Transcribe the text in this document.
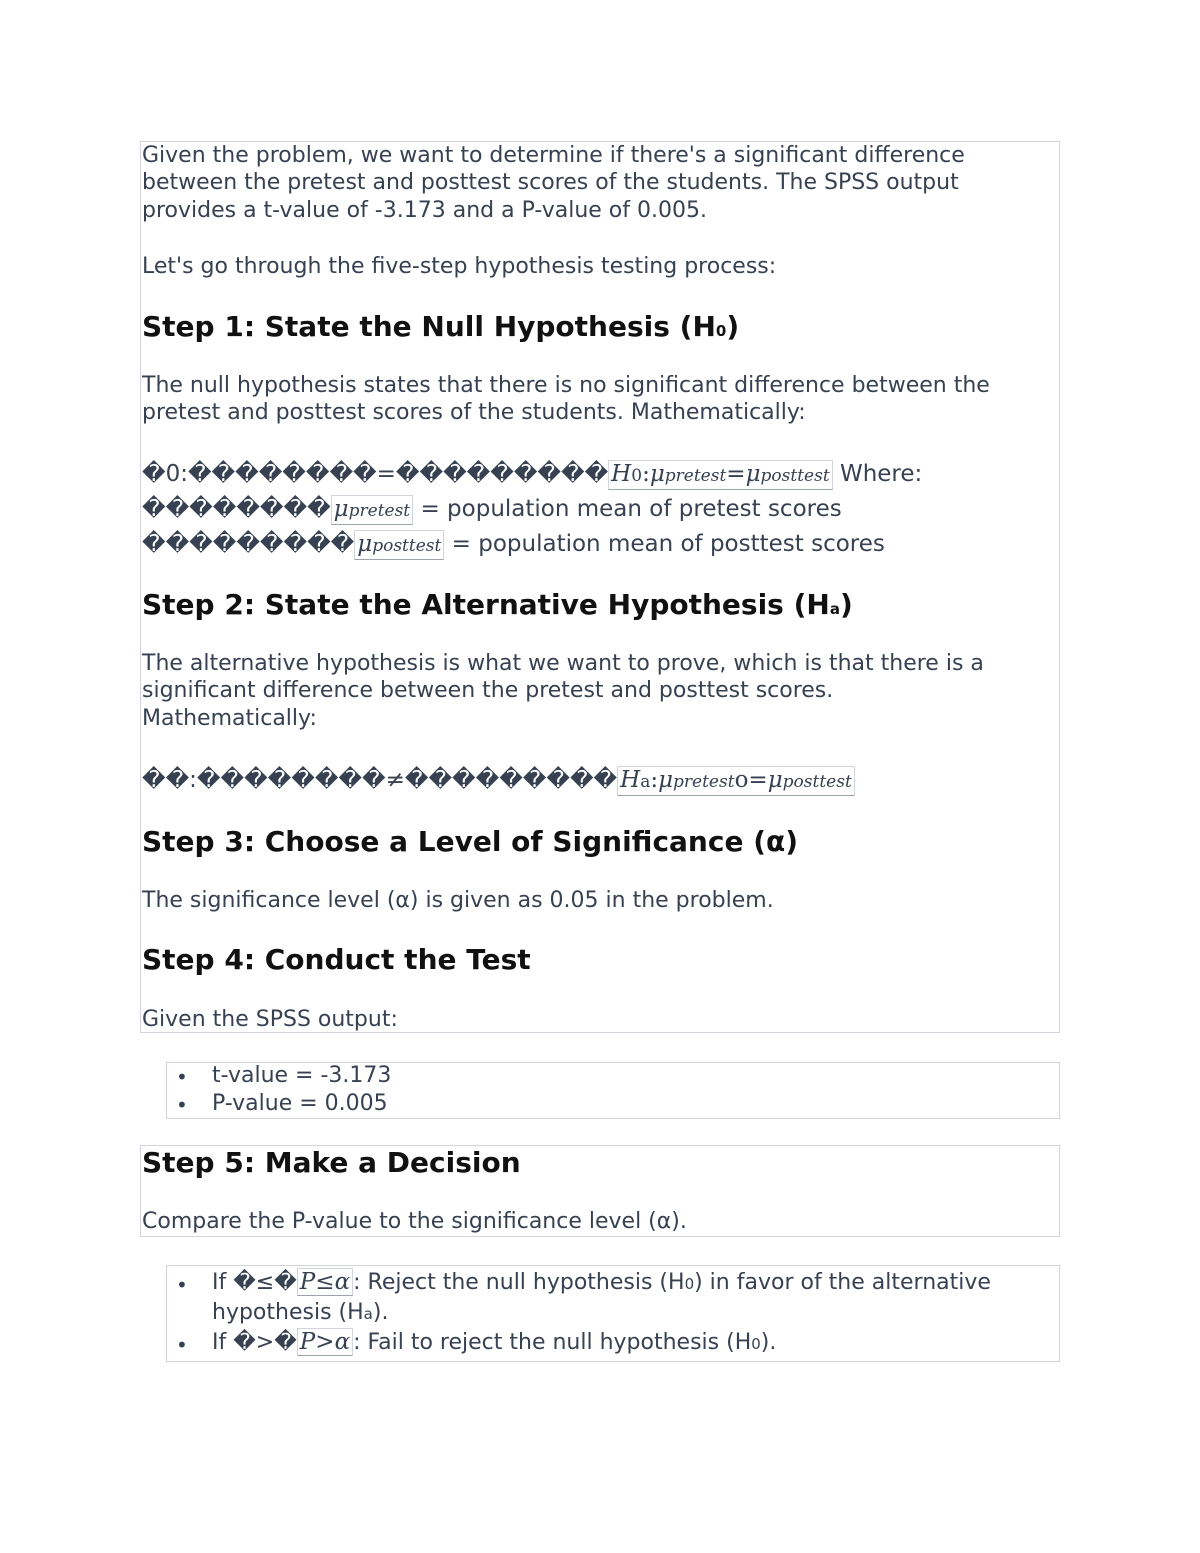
Given the problem, we want to determine if there's a significant difference

between the pretest and posttest scores of the students. The SPSS output

provides a t-value of -3.173 and a P-value of 0.005.

Let's go through the five-step hypothesis testing process:

Step 1: State the Null Hypothesis (H0)

The null hypothesis states that there is no significant difference between the

pretest and posttest scores of the students. Mathematically:

�0:��������=��������� H0:μpretest=μposttest Where:
�������� μpretest = population mean of pretest scores
��������� μposttest = population mean of posttest scores
Step 2: State the Alternative Hypothesis (Ha)

The alternative hypothesis is what we want to prove, which is that there is a

significant difference between the pretest and posttest scores.

Mathematically:

��:��������≠��������� Ha:μpretesto=μposttest
Step 3: Choose a Level of Significance (α)

The significance level (α) is given as 0.05 in the problem.

Step 4: Conduct the Test

Given the SPSS output:

• t-value = -3.173
• P-value = 0.005
Step 5: Make a Decision

Compare the P-value to the significance level (α).

• If �≤� P≤α : Reject the null hypothesis (H0) in favor of the alternative
hypothesis (Ha).
• If �>� P>α : Fail to reject the null hypothesis (H0).
